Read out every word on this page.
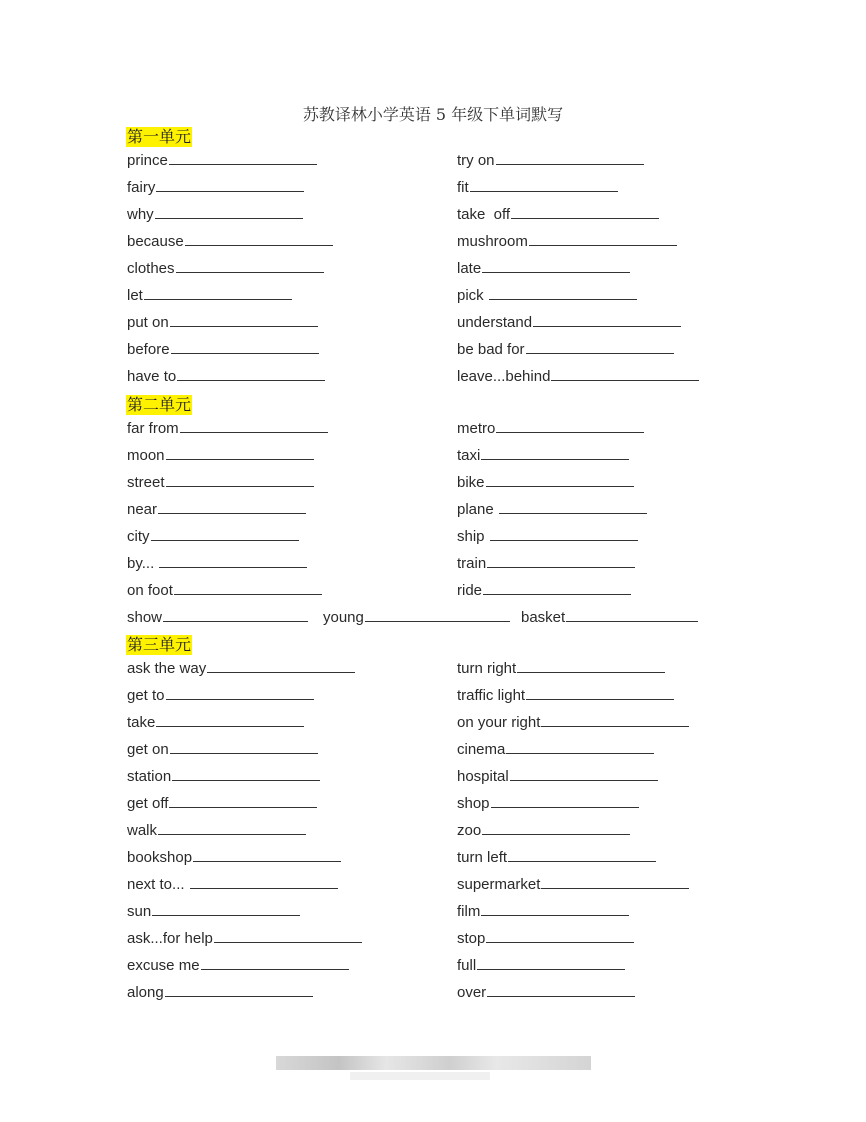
苏教译林小学英语 5 年级下单词默写
第一单元
prince	try on
fairy	fit
why	take  off
because	mushroom
clothes	late
let	pick
put on	understand
before	be bad for
have to	leave...behind
第二单元
far from	metro
moon	taxi
street	bike
near	plane
city	ship
by...	train
on foot	ride
show	young	basket
第三单元
ask the way	turn right
get to	traffic light
take	on your right
get on	cinema
station	hospital
get off	shop
walk	zoo
bookshop	turn left
next to...	supermarket
sun	film
ask...for help	stop
excuse me	full
along	over
